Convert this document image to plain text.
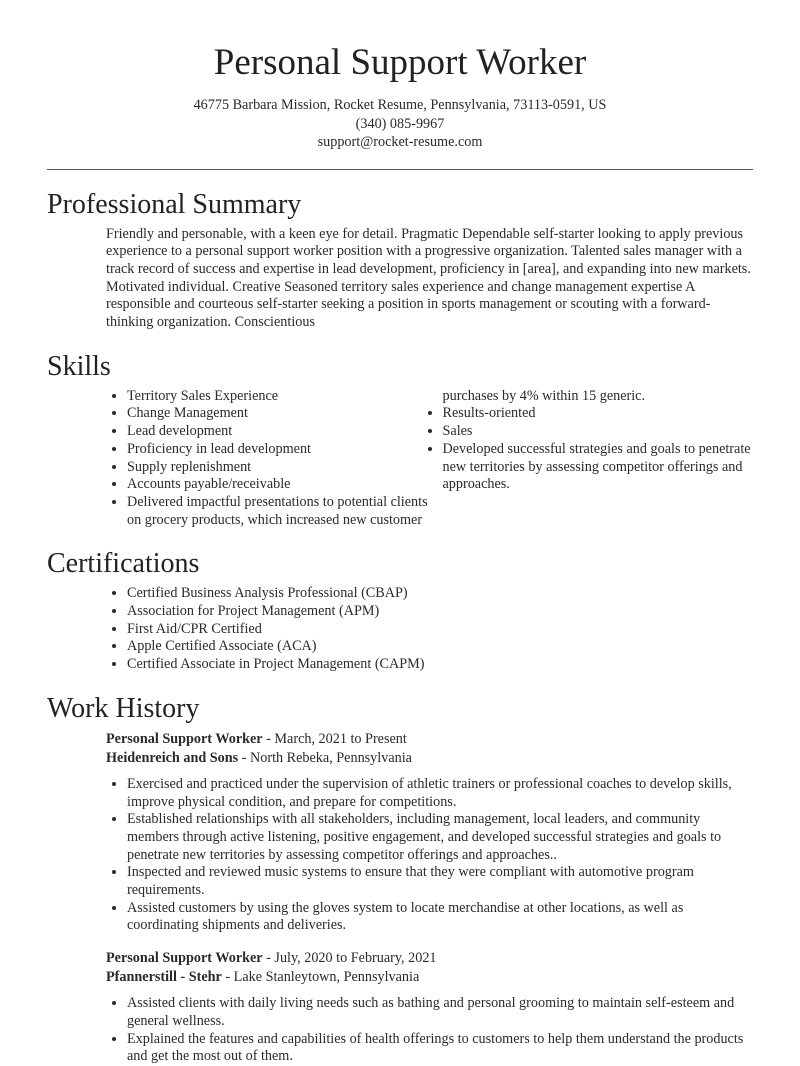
Personal Support Worker
46775 Barbara Mission, Rocket Resume, Pennsylvania, 73113-0591, US
(340) 085-9967
support@rocket-resume.com
Professional Summary
Friendly and personable, with a keen eye for detail. Pragmatic Dependable self-starter looking to apply previous experience to a personal support worker position with a progressive organization. Talented sales manager with a track record of success and expertise in lead development, proficiency in [area], and expanding into new markets. Motivated individual. Creative Seasoned territory sales experience and change management expertise A responsible and courteous self-starter seeking a position in sports management or scouting with a forward-thinking organization. Conscientious
Skills
• Territory Sales Experience
• Change Management
• Lead development
• Proficiency in lead development
• Supply replenishment
• Accounts payable/receivable
• Delivered impactful presentations to potential clients on grocery products, which increased new customer purchases by 4% within 15 generic.
• Results-oriented
• Sales
• Developed successful strategies and goals to penetrate new territories by assessing competitor offerings and approaches.
Certifications
• Certified Business Analysis Professional (CBAP)
• Association for Project Management (APM)
• First Aid/CPR Certified
• Apple Certified Associate (ACA)
• Certified Associate in Project Management (CAPM)
Work History
Personal Support Worker - March, 2021 to Present
Heidenreich and Sons - North Rebeka, Pennsylvania
• Exercised and practiced under the supervision of athletic trainers or professional coaches to develop skills, improve physical condition, and prepare for competitions.
• Established relationships with all stakeholders, including management, local leaders, and community members through active listening, positive engagement, and developed successful strategies and goals to penetrate new territories by assessing competitor offerings and approaches..
• Inspected and reviewed music systems to ensure that they were compliant with automotive program requirements.
• Assisted customers by using the gloves system to locate merchandise at other locations, as well as coordinating shipments and deliveries.
Personal Support Worker - July, 2020 to February, 2021
Pfannerstill - Stehr - Lake Stanleytown, Pennsylvania
• Assisted clients with daily living needs such as bathing and personal grooming to maintain self-esteem and general wellness.
• Explained the features and capabilities of health offerings to customers to help them understand the products and get the most out of them.
